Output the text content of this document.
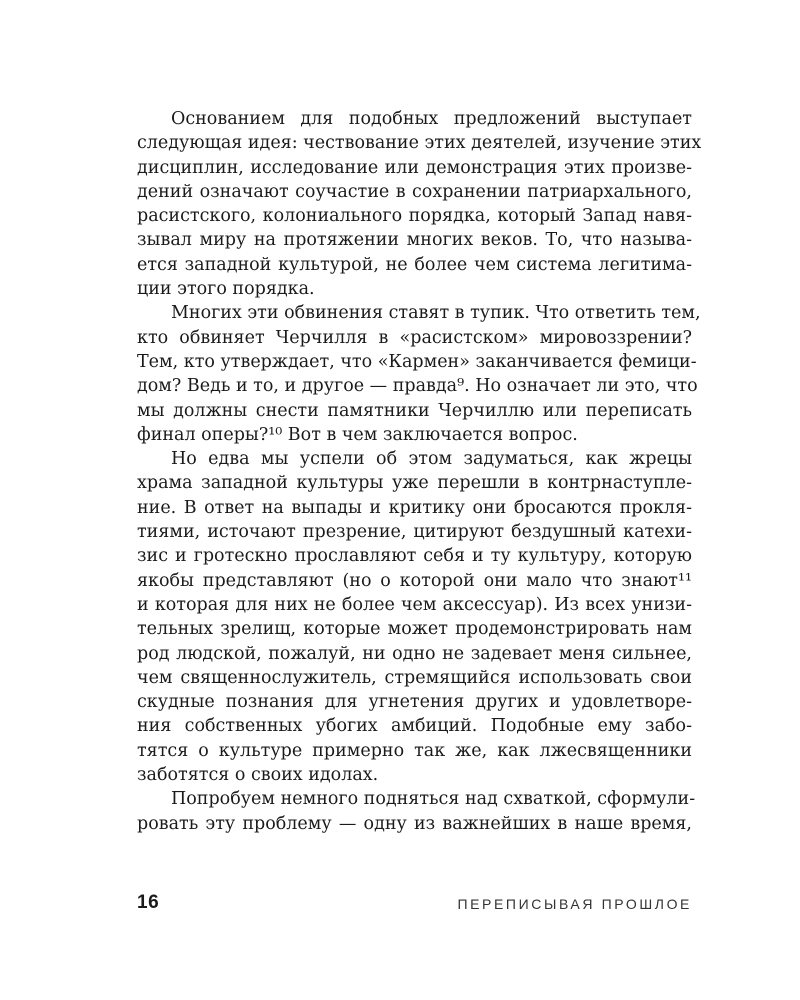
Основанием для подобных предложений выступает
следующая идея: чествование этих деятелей, изучение этих
дисциплин, исследование или демонстрация этих произве-
дений означают соучастие в сохранении патриархального,
расистского, колониального порядка, который Запад навя-
зывал миру на протяжении многих веков. То, что называ-
ется западной культурой, не более чем система легитима-
ции этого порядка.
Многих эти обвинения ставят в тупик. Что ответить тем,
кто обвиняет Черчилля в «расистском» мировоззрении?
Тем, кто утверждает, что «Кармен» заканчивается фемици-
дом? Ведь и то, и другое — правда⁹. Но означает ли это, что
мы должны снести памятники Черчиллю или переписать
финал оперы?¹⁰ Вот в чем заключается вопрос.
Но едва мы успели об этом задуматься, как жрецы
храма западной культуры уже перешли в контрнаступле-
ние. В ответ на выпады и критику они бросаются прокля-
тиями, источают презрение, цитируют бездушный катехи-
зис и гротескно прославляют себя и ту культуру, которую
якобы представляют (но о которой они мало что знают¹¹
и которая для них не более чем аксессуар). Из всех унизи-
тельных зрелищ, которые может продемонстрировать нам
род людской, пожалуй, ни одно не задевает меня сильнее,
чем священнослужитель, стремящийся использовать свои
скудные познания для угнетения других и удовлетворе-
ния собственных убогих амбиций. Подобные ему забо-
тятся о культуре примерно так же, как лжесвященники
заботятся о своих идолах.
Попробуем немного подняться над схваткой, сформули-
ровать эту проблему — одну из важнейших в наше время,
16	ПЕРЕПИСЫВАЯ ПРОШЛОЕ
